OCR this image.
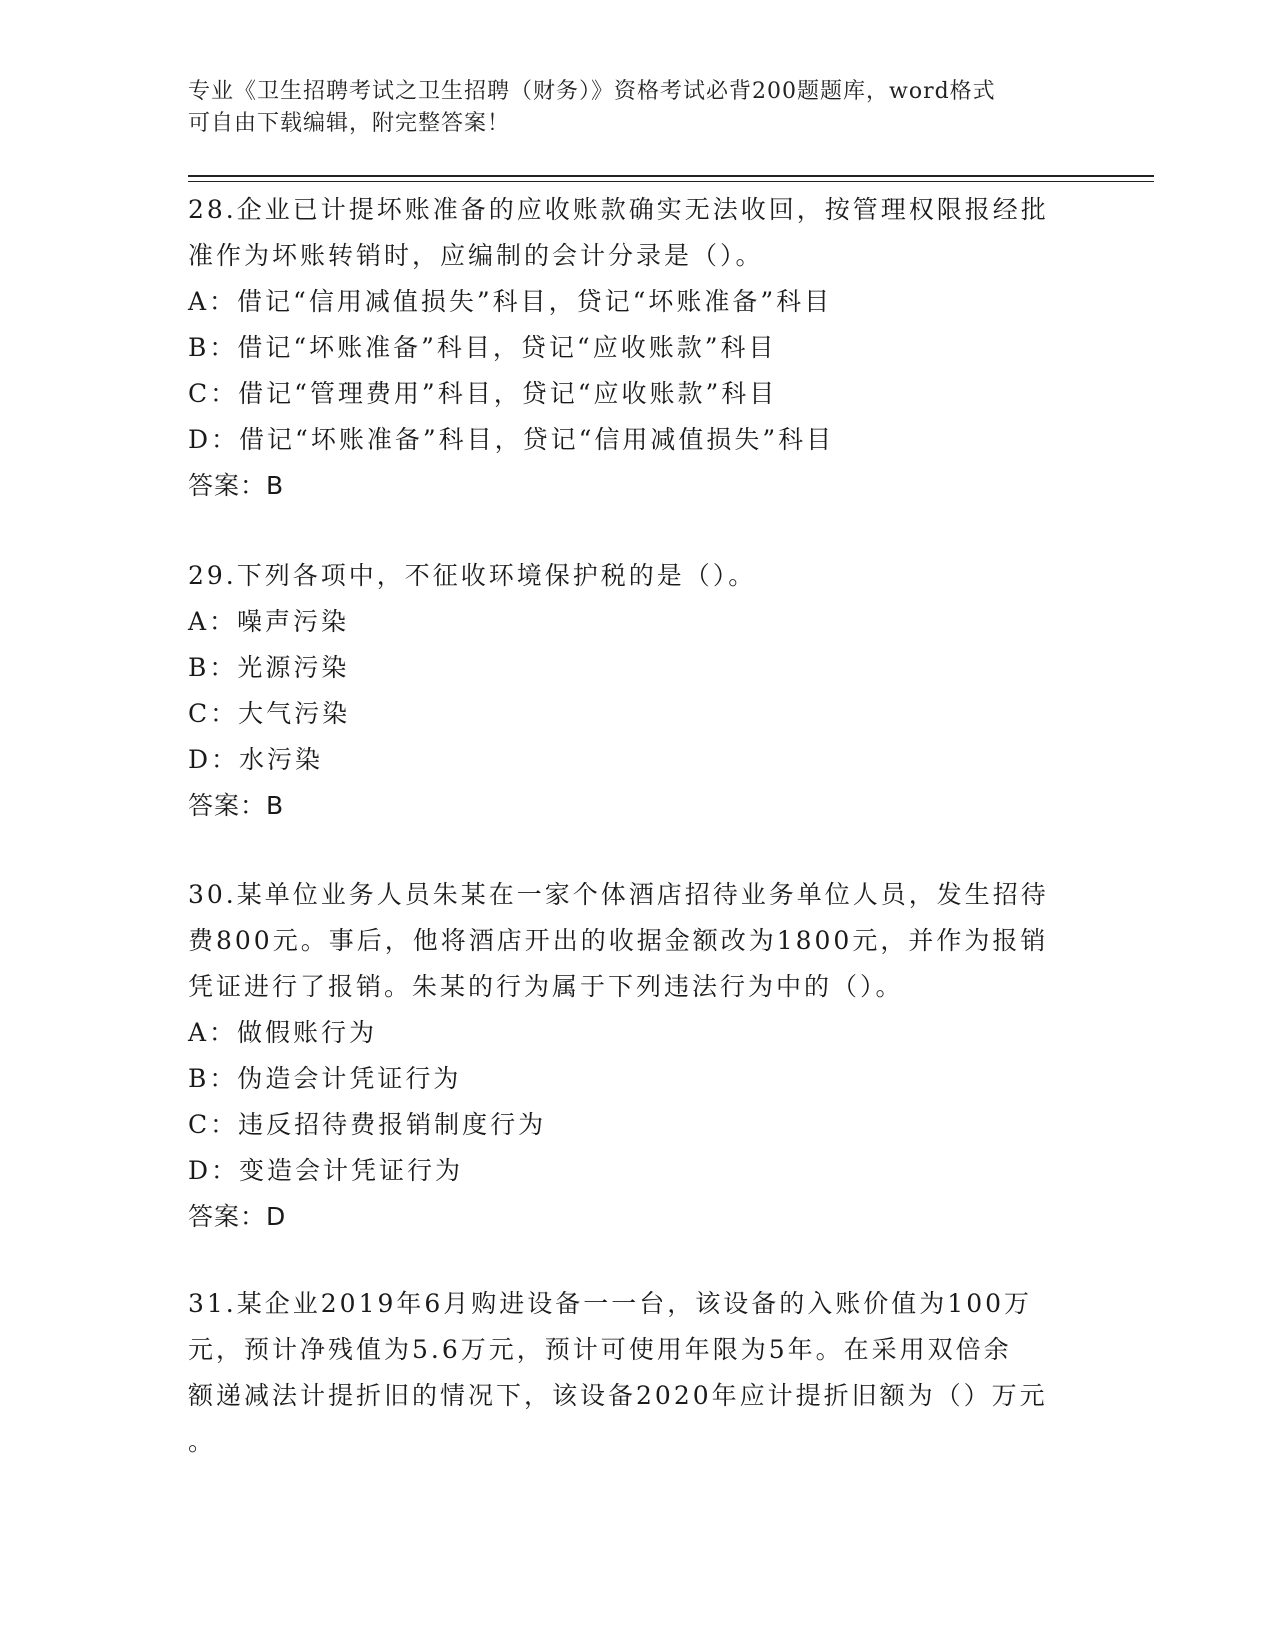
专业《卫生招聘考试之卫生招聘（财务）》资格考试必背200题题库，word格式
可自由下载编辑，附完整答案！
28.企业已计提坏账准备的应收账款确实无法收回，按管理权限报经批
准作为坏账转销时，应编制的会计分录是（）。
A：借记“信用减值损失”科目，贷记“坏账准备”科目
B：借记“坏账准备”科目，贷记“应收账款”科目
C：借记“管理费用”科目，贷记“应收账款”科目
D：借记“坏账准备”科目，贷记“信用减值损失”科目
答案：B
29.下列各项中，不征收环境保护税的是（）。
A：噪声污染
B：光源污染
C：大气污染
D：水污染
答案：B
30.某单位业务人员朱某在一家个体酒店招待业务单位人员，发生招待
费800元。事后，他将酒店开出的收据金额改为1800元，并作为报销
凭证进行了报销。朱某的行为属于下列违法行为中的（）。
A：做假账行为
B：伪造会计凭证行为
C：违反招待费报销制度行为
D：变造会计凭证行为
答案：D
31.某企业2019年6月购进设备一一台，该设备的入账价值为100万
元，预计净残值为5.6万元，预计可使用年限为5年。在采用双倍余
额递减法计提折旧的情况下，该设备2020年应计提折旧额为（）万元
。
